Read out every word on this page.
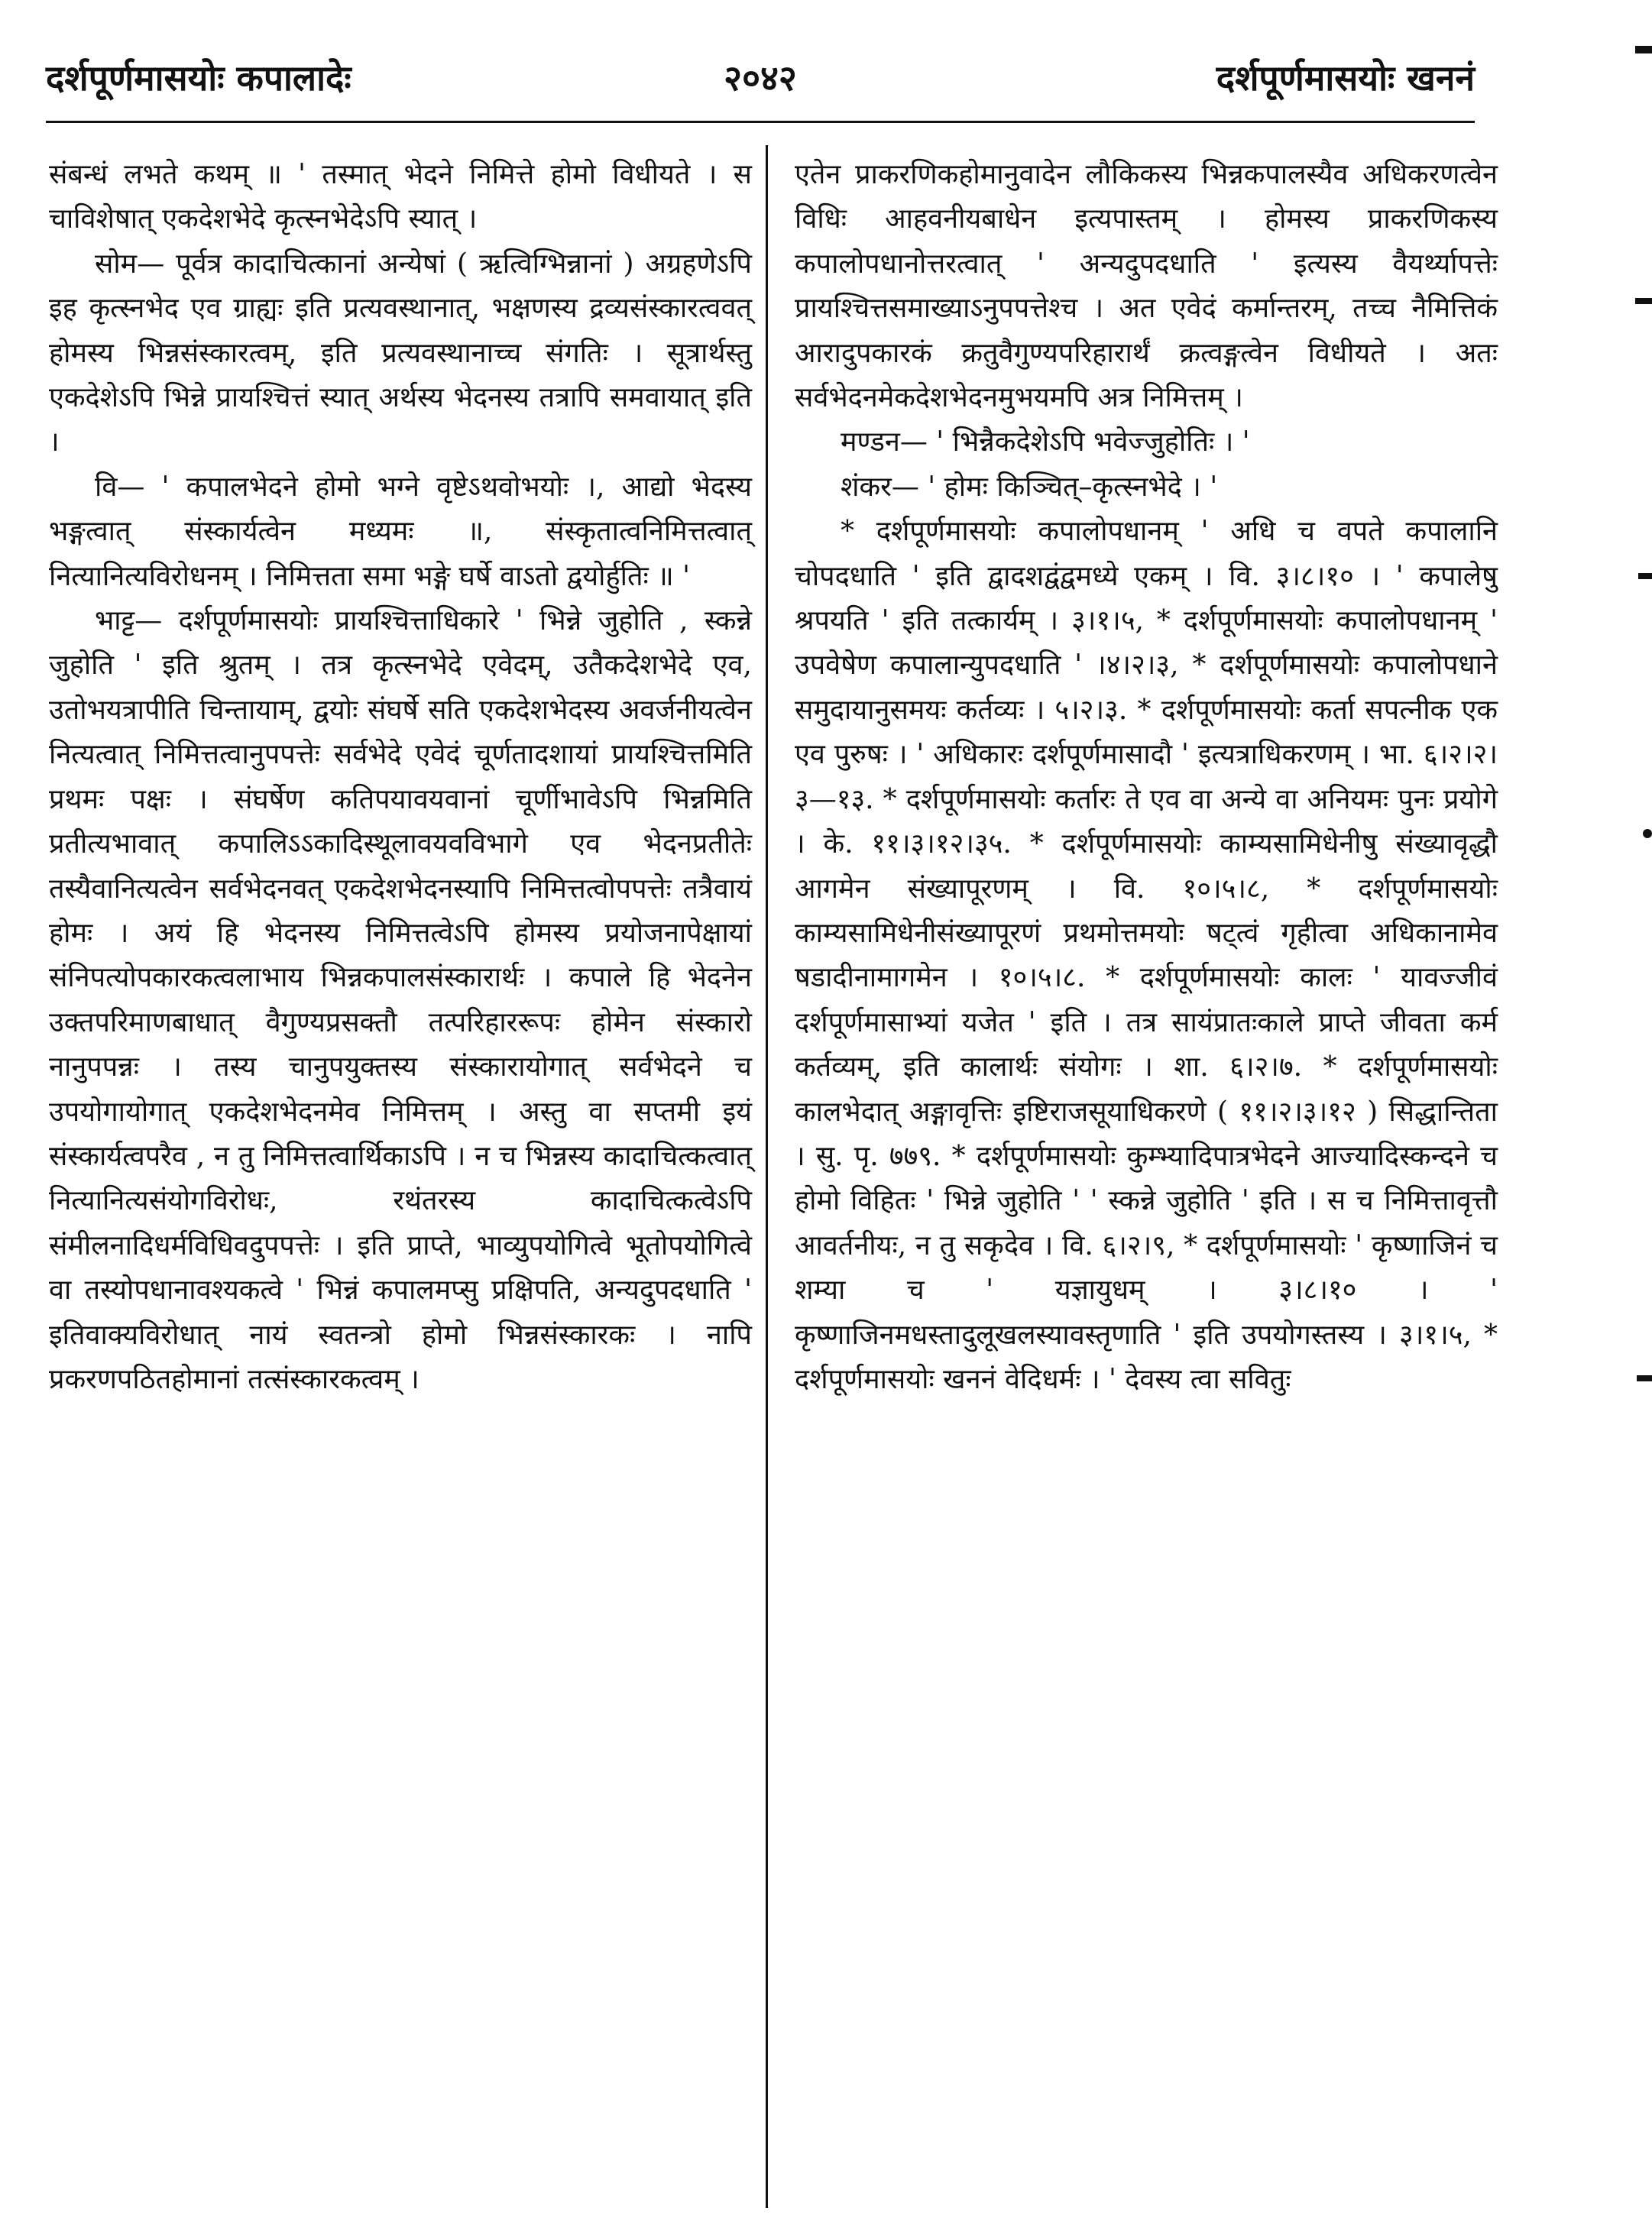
दर्शपूर्णमासयोः कपालादेः	२०४२	दर्शपूर्णमासयोः खननं

संबन्धं लभते कथम् ॥ ' तस्मात् भेदने निमित्ते होमो विधीयते । स चाविशेषात् एकदेशभेदे कृत्स्नभेदेऽपि स्यात् ।

सोम— पूर्वत्र कादाचित्कानां अन्येषां ( ऋत्विग्भिन्नानां ) अग्रहणेऽपि इह कृत्स्नभेद एव ग्राह्यः इति प्रत्यवस्थानात्, भक्षणस्य द्रव्यसंस्कारत्ववत् होमस्य भिन्नसंस्कारत्वम्, इति प्रत्यवस्थानाच्च संगतिः । सूत्रार्थस्तु एकदेशेऽपि भिन्ने प्रायश्चित्तं स्यात् अर्थस्य भेदनस्य तत्रापि समवायात् इति ।

वि— ' कपालभेदने होमो भग्ने वृष्टेऽथवोभयोः ।, आद्यो भेदस्य भङ्गत्वात् संस्कार्यत्वेन मध्यमः ॥, संस्कृतात्वनिमित्तत्वात् नित्यानित्यविरोधनम् । निमित्तता समा भङ्गे घर्षे वाऽतो द्वयोर्हुतिः ॥ '

भाट्ट— दर्शपूर्णमासयोः प्रायश्चित्ताधिकारे ' भिन्ने जुहोति , स्कन्ने जुहोति ' इति श्रुतम् । तत्र कृत्स्नभेदे एवेदम्, उतैकदेशभेदे एव, उतोभयत्रापीति चिन्तायाम्, द्वयोः संघर्षे सति एकदेशभेदस्य अवर्जनीयत्वेन नित्यत्वात् निमित्तत्वानुपपत्तेः सर्वभेदे एवेदं चूर्णतादशायां प्रायश्चित्तमिति प्रथमः पक्षः । संघर्षेण कतिपयावयवानां चूर्णीभावेऽपि भिन्नमिति प्रतीत्यभावात् कपालिऽऽकादिस्थूलावयवविभागे एव भेदनप्रतीतेः तस्यैवानित्यत्वेन सर्वभेदनवत् एकदेशभेदनस्यापि निमित्तत्वोपपत्तेः तत्रैवायं होमः । अयं हि भेदनस्य निमित्तत्वेऽपि होमस्य प्रयोजनापेक्षायां संनिपत्योपकारकत्वलाभाय भिन्नकपालसंस्कारार्थः । कपाले हि भेदनेन उक्तपरिमाणबाधात् वैगुण्यप्रसक्तौ तत्परिहाररूपः होमेन संस्कारो नानुपपन्नः । तस्य चानुपयुक्तस्य संस्कारायोगात् सर्वभेदने च उपयोगायोगात् एकदेशभेदनमेव निमित्तम् । अस्तु वा सप्तमी इयं संस्कार्यत्वपरैव , न तु निमित्तत्वार्थिकाऽपि । न च भिन्नस्य कादाचित्कत्वात् नित्यानित्यसंयोगविरोधः, रथंतरस्य कादाचित्कत्वेऽपि संमीलनादिधर्मविधिवदुपपत्तेः । इति प्राप्ते, भाव्युपयोगित्वे भूतोपयोगित्वे वा तस्योपधानावश्यकत्वे ' भिन्नं कपालमप्सु प्रक्षिपति, अन्यदुपदधाति ' इतिवाक्यविरोधात् नायं स्वतन्त्रो होमो भिन्नसंस्कारकः । नापि प्रकरणपठितहोमानां तत्संस्कारकत्वम् ।

एतेन प्राकरणिकहोमानुवादेन लौकिकस्य भिन्नकपालस्यैव अधिकरणत्वेन विधिः आहवनीयबाधेन इत्यपास्तम् । होमस्य प्राकरणिकस्य कपालोपधानोत्तरत्वात् ' अन्यदुपदधाति ' इत्यस्य वैयर्थ्यापत्तेः प्रायश्चित्तसमाख्याऽनुपपत्तेश्च । अत एवेदं कर्मान्तरम्, तच्च नैमित्तिकं आरादुपकारकं क्रतुवैगुण्यपरिहारार्थं क्रत्वङ्गत्वेन विधीयते । अतः सर्वभेदनमेकदेशभेदनमुभयमपि अत्र निमित्तम् ।

मण्डन— ' भिन्नैकदेशेऽपि भवेज्जुहोतिः । '

शंकर— ' होमः किञ्चित्–कृत्स्नभेदे । '

* दर्शपूर्णमासयोः कपालोपधानम् ' अधि च वपते कपालानि चोपदधाति ' इति द्वादशद्वंद्वमध्ये एकम् । वि. ३।८।१० । ' कपालेषु श्रपयति ' इति तत्कार्यम् । ३।१।५, * दर्शपूर्णमासयोः कपालोपधानम् ' उपवेषेण कपालान्युपदधाति ' ।४।२।३, * दर्शपूर्णमासयोः कपालोपधाने समुदायानुसमयः कर्तव्यः । ५।२।३. * दर्शपूर्णमासयोः कर्ता सपत्नीक एक एव पुरुषः । ' अधिकारः दर्शपूर्णमासादौ ' इत्यत्राधिकरणम् । भा. ६।२।२।३—१३. * दर्शपूर्णमासयोः कर्तारः ते एव वा अन्ये वा अनियमः पुनः प्रयोगे । के. ११।३।१२।३५. * दर्शपूर्णमासयोः काम्यसामिधेनीषु संख्यावृद्धौ आगमेन संख्यापूरणम् । वि. १०।५।८, * दर्शपूर्णमासयोः काम्यसामिधेनीसंख्यापूरणं प्रथमोत्तमयोः षट्त्वं गृहीत्वा अधिकानामेव षडादीनामागमेन । १०।५।८. * दर्शपूर्णमासयोः कालः ' यावज्जीवं दर्शपूर्णमासाभ्यां यजेत ' इति । तत्र सायंप्रातःकाले प्राप्ते जीवता कर्म कर्तव्यम्, इति कालार्थः संयोगः । शा. ६।२।७. * दर्शपूर्णमासयोः कालभेदात् अङ्गावृत्तिः इष्टिराजसूयाधिकरणे ( ११।२।३।१२ ) सिद्धान्तिता । सु. पृ. ७७९. * दर्शपूर्णमासयोः कुम्भ्यादिपात्रभेदने आज्यादिस्कन्दने च होमो विहितः ' भिन्ने जुहोति ' ' स्कन्ने जुहोति ' इति । स च निमित्तावृत्तौ आवर्तनीयः, न तु सकृदेव । वि. ६।२।९, * दर्शपूर्णमासयोः ' कृष्णाजिनं च शम्या च ' यज्ञायुधम् । ३।८।१० । ' कृष्णाजिनमधस्तादुलूखलस्यावस्तृणाति ' इति उपयोगस्तस्य । ३।१।५, * दर्शपूर्णमासयोः खननं वेदिधर्मः । ' देवस्य त्वा सवितुः
